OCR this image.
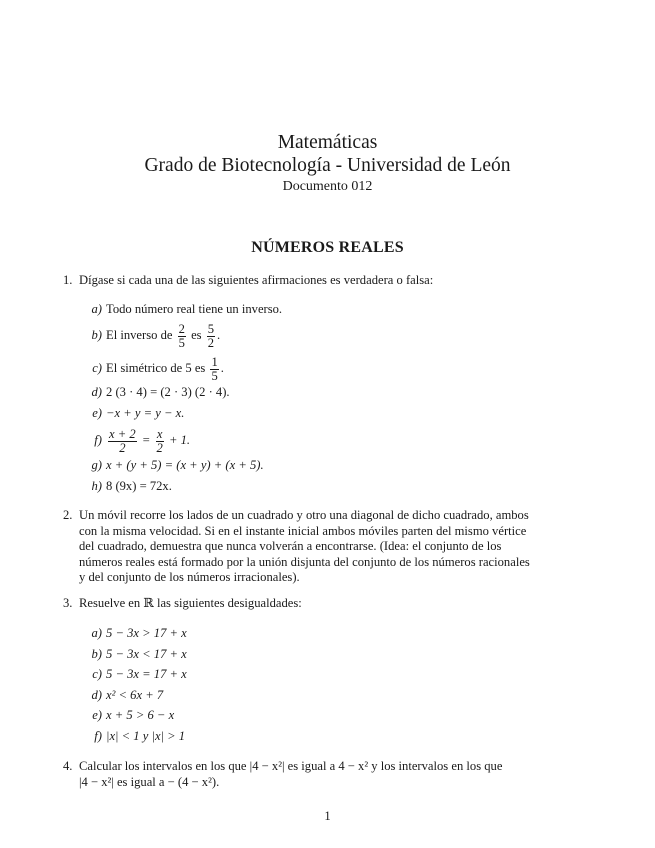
Matemáticas
Grado de Biotecnología - Universidad de León
Documento 012
NÚMEROS REALES
1. Dígase si cada una de las siguientes afirmaciones es verdadera o falsa:
a) Todo número real tiene un inverso.
b) El inverso de $\frac{2}{5}$ es $\frac{5}{2}$ .
c) El simétrico de 5 es $\frac{1}{5}$ .
d) 2 (3 · 4) = (2 · 3) (2 · 4).
e) −x + y = y − x.
$f) \frac{x + 2}{2} = \frac{x}{2} + 1$.
g) x + (y + 5) = (x + y) + (x + 5).
h) 8 (9x) = 72x.
2. Un móvil recorre los lados de un cuadrado y otro una diagonal de dicho cuadrado, ambos
con la misma velocidad. Si en el instante inicial ambos móviles parten del mismo vértice
del cuadrado, demuestra que nunca volverán a encontrarse. (Idea: el conjunto de los
números reales está formado por la unión disjunta del conjunto de los números racionales
y del conjunto de los números irracionales).
3. Resuelve en ℝ las siguientes desigualdades:
a) 5 − 3x > 17 + x
b) 5 − 3x < 17 + x
c) 5 − 3x = 17 + x
d) x² < 6x + 7
e) x + 5 > 6 − x
f) |x| < 1 y |x| > 1
4. Calcular los intervalos en los que |4 − x²| es igual a 4 − x² y los intervalos en los que
|4 − x²| es igual a − (4 − x²).
1
